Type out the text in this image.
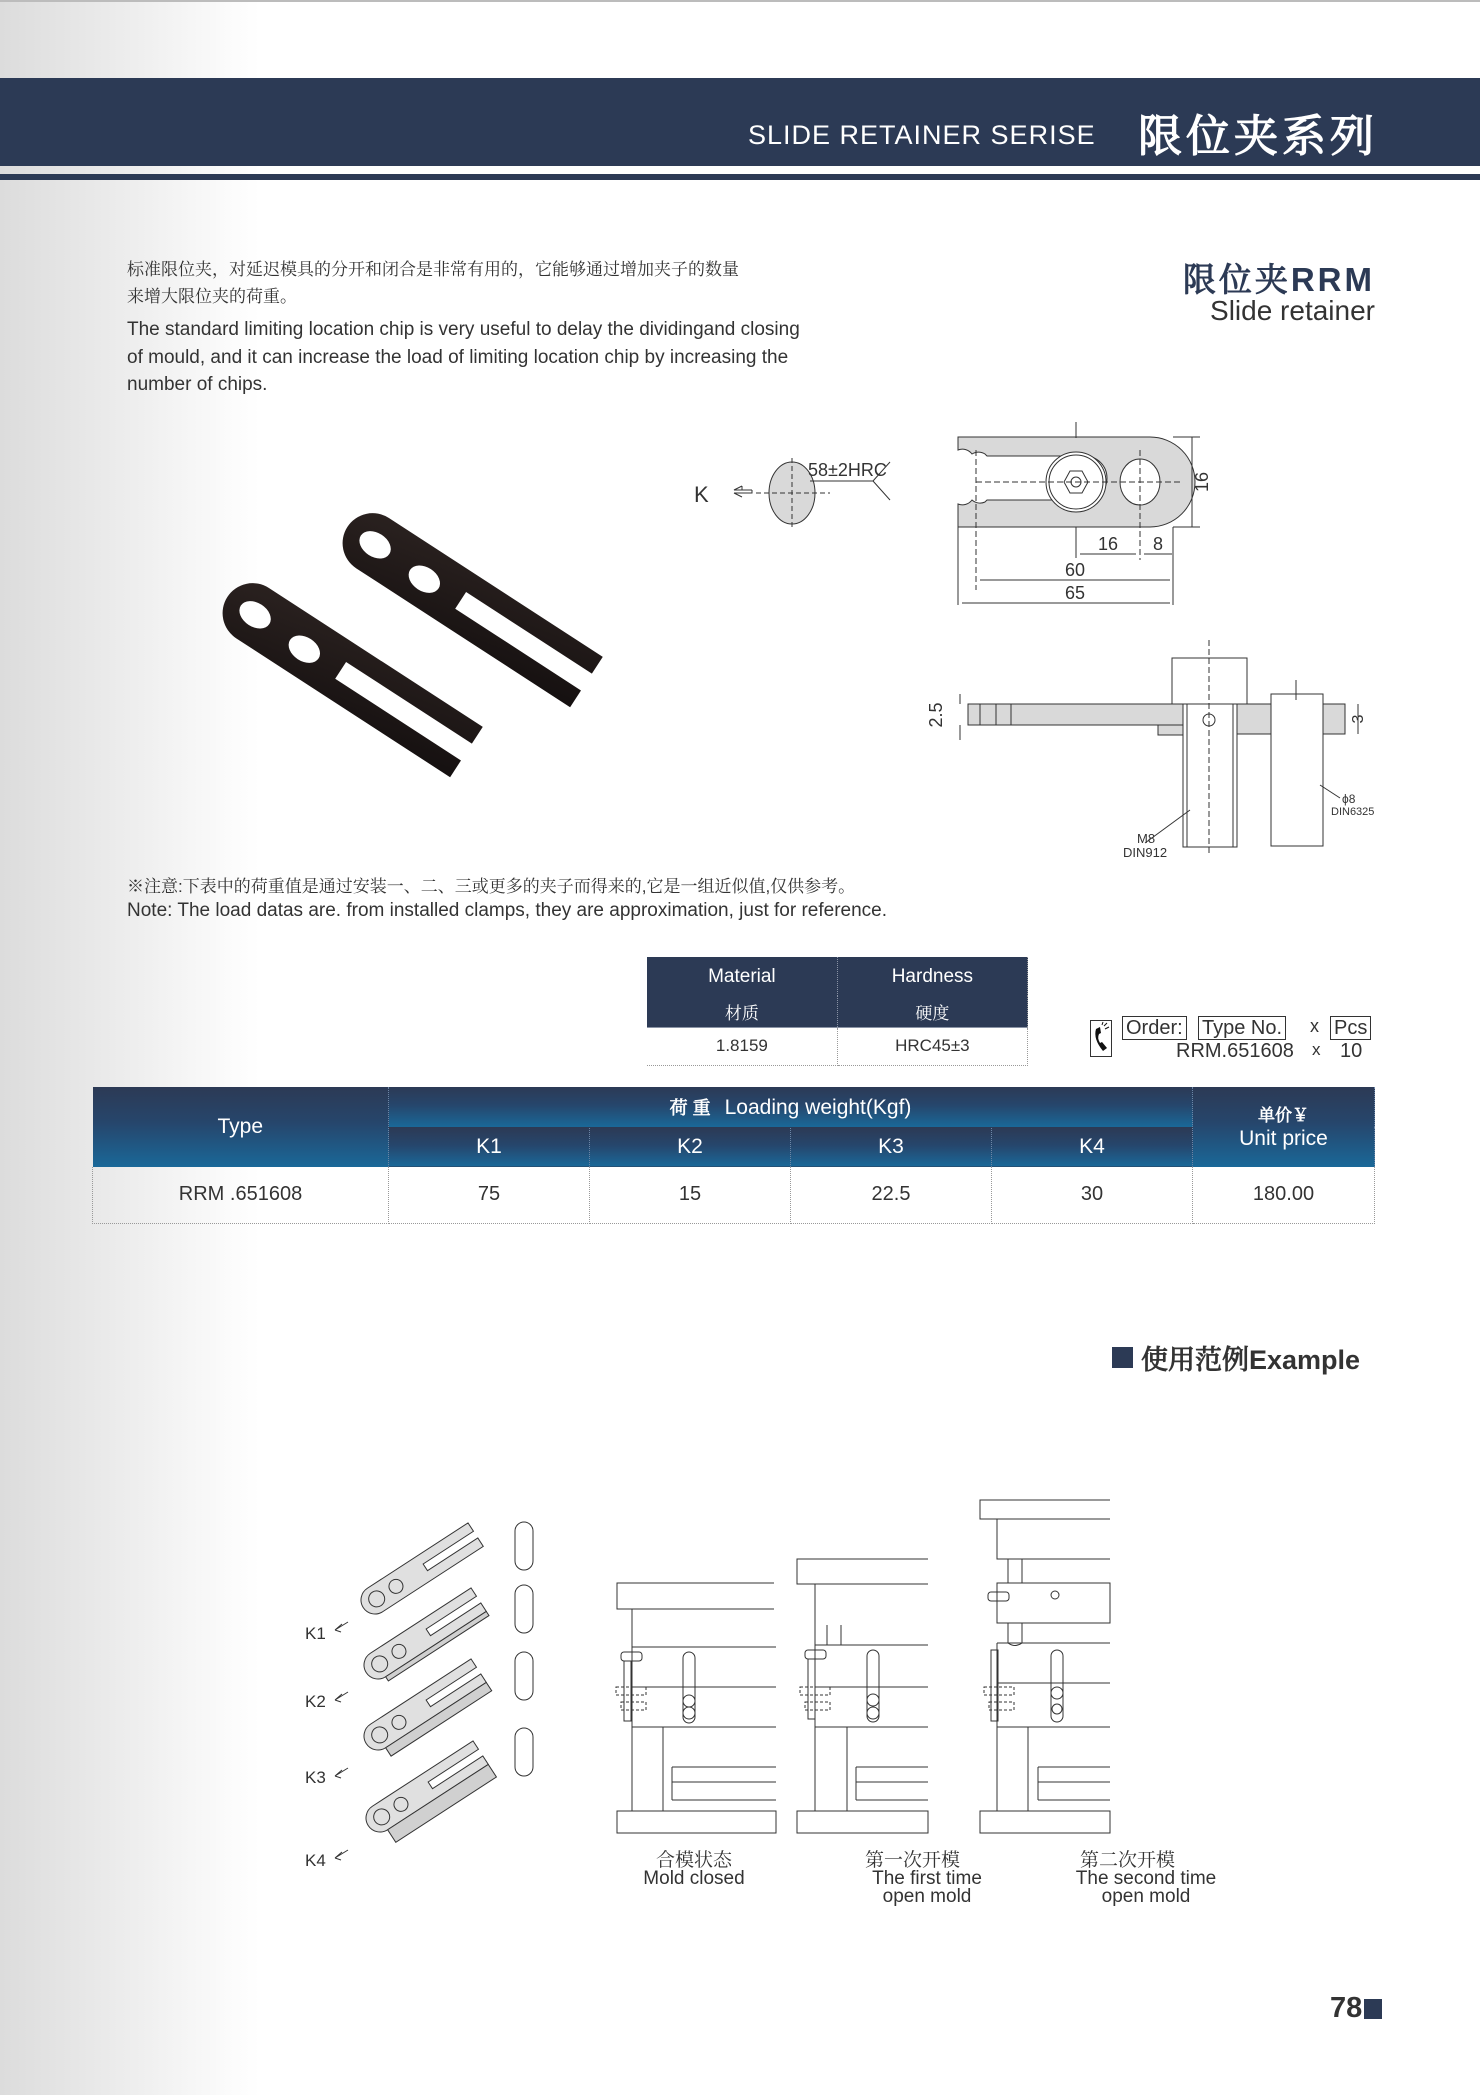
SLIDE RETAINER SERISE 限位夹系列
标准限位夹，对延迟模具的分开和闭合是非常有用的，它能够通过增加夹子的数量
来增大限位夹的荷重。
The standard limiting location chip is very useful to delay the dividingand closing
of mould, and it can increase the load of limiting location chip by increasing the
number of chips.
限位夹RRM
Slide retainer
K
58±2HRC
16
16 8
60
65
2.5	3
M8
DIN912
ϕ8
DIN6325
※注意:下表中的荷重值是通过安装一、二、三或更多的夹子而得来的,它是一组近似值,仅供参考。
Note: The load datas are. from installed clamps, they are approximation, just for reference.
Material	Hardness
材质	硬度
1.8159	HRC45±3
Order: Type No. x Pcs
RRM.651608 x 10
Type	荷 重 Loading weight(Kgf)				单价￥
Unit price
	K1	K2	K3	K4	
RRM .651608	75	15	22.5	30	180.00
使用范例Example
K1
K2
K3
K4	合模状态
Mold closed
第一次开模
The first time
open mold
第二次开模
The second time
open mold
78
